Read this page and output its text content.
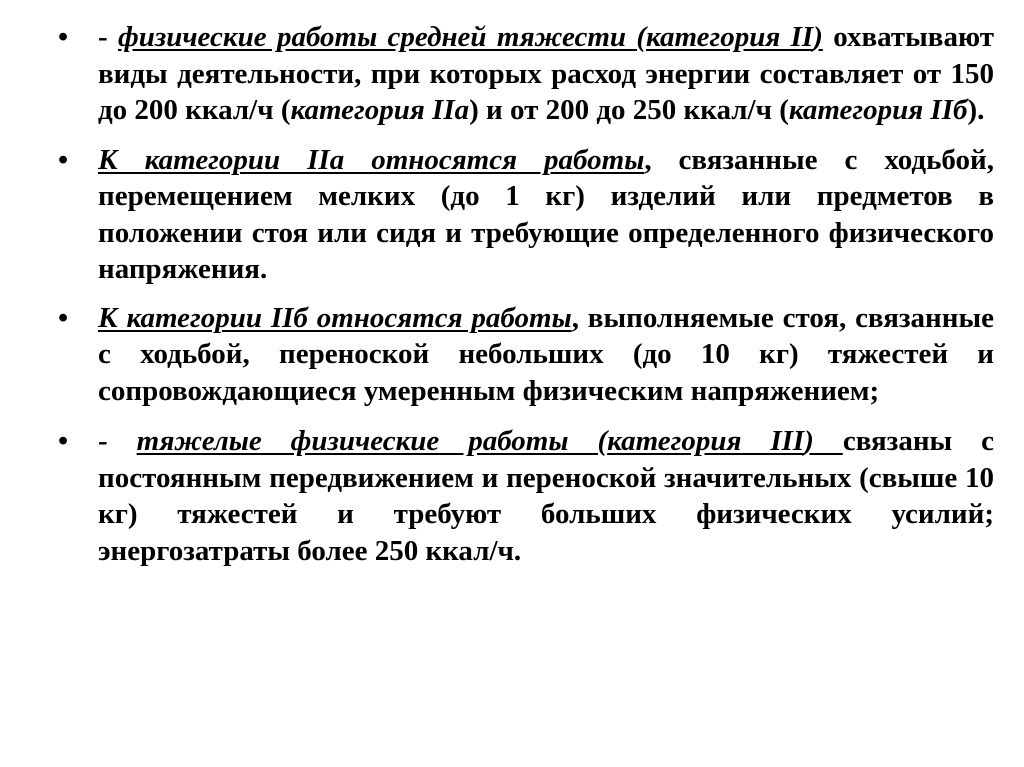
•	- физические работы средней тяжести (категория II) охватывают виды деятельности, при которых расход энергии составляет от 150 до 200 ккал/ч (категория IIа) и от 200 до 250 ккал/ч (категория IIб).
•	К категории IIа относятся работы, связанные с ходьбой, перемещением мелких (до 1 кг) изделий или предметов в положении стоя или сидя и требующие определенного физического напряжения.
•	К категории IIб относятся работы, выполняемые стоя, связанные с ходьбой, переноской небольших (до 10 кг) тяжестей и сопровождающиеся умеренным физическим напряжением;
•	- тяжелые физические работы (категория III) связаны с постоянным передвижением и переноской значительных (свыше 10 кг) тяжестей и требуют больших физических усилий; энергозатраты более 250 ккал/ч.
